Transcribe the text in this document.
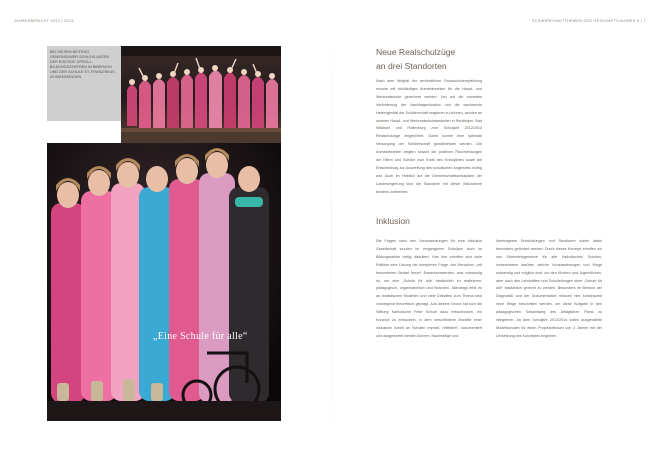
JAHRESBERICHT 2012 | 2013	SCHWERPUNKTTHEMEN DES GESCHÄFTSJAHRES 6 | 7
BEI DIESEM BEITRAG GEMEINSAMER SCHULKLASSEN DER BISCHOF-SPROLL-BILDUNGSZENTREN IN BIBERACH UND DER SCHULE ST. FRANZISKUS IN INGERKINGEN
„Eine Schule für alle“
Neue Realschulzüge
an drei Standorten
Nach dem Wegfall der verbindlichen Grundschulempfehlung musste mit rückläufigen Anmeldezahlen für die Haupt- und Werkrealschule gerechnet werden. Um auf die erwartete Veränderung der Nachfragesituation und die wachsende Heterogenität der Schülerschaft reagieren zu können, wurden an unseren Haupt- und Werkrealschulstandorten in Reutlingen, Bad Waldsee und Rottenburg zum Schuljahr 2012/2013 Realschulzüge eingerichtet. Damit konnte eine optimale Versorgung der Schülerschaft gewährleistet werden. Die Anmeldezahlen zeigten sowohl die positiven Rückmeldungen der Eltern und Schüler zum Ende des Schuljahres sowie die Entscheidung zur Ausweitung des schulischen Angebotes richtig war. Auch im Hinblick auf die Gemeinschaftsschulpläne der Landesregierung sind die Standorte mit dieser Maßnahme bestens vorbereitet.
Inklusion
Die Fragen nach den Voraussetzungen für eine inklusive Gesellschaft wurden im vergangenen Schuljahr auch im Bildungssektor heftig diskutiert. Hoe hier erhoffen sich viele Politiker eine Lösung der komplexen Frage, wie Menschen „mit besonderem Bedarf heran“ Erwachsenwerden, was notwendig ist, um eine „Schule für alle“ tatsächlich zu realisieren: pädagogisch, organisatorisch und finanziell. Allerdings fehlt es an realistischen Modellen und viele Debatten zum Thema sind vorwiegend theoretisch geprägt. Aus diesem Grund hat sich die Stiftung Katholische Freie Schule dazu entschlossen, ein Konzept zu entwickeln, in dem verschiedene Modelle einer inklusiven Arbeit an Schulen erprobt, reflektiert, dokumentiert und ausgewertet werden können. Nachhaltige und
übertragbare Entwicklungen und Strukturen sollen dabei besonders gefördert werden. Durch dieses Konzept erhoffen wir uns Erkenntnisgewinne für alle Katholischen Schulen, insbesondere darüber, welche Voraussetzungen und Wege notwendig und möglich sind, um den Kindern und Jugendlichen, aber auch den Lehrkräften und Schulleitungen einer „Schule für alle“ tatsächlich gerecht zu werden. Besonders im Bereich der Diagnostik und der Dokumentation müssen hier konsequent neue Wege beschritten werden, um diese Aufgabe in den pädagogischen Gesamtweg des Alltäglichen Plans zu integrieren. Ab dem Schuljahr 2013/2014 sollen ausgewählte Modellschulen für einen Projektzeitraum von 3 Jahren mit der Umsetzung des Konzeptes beginnen.
